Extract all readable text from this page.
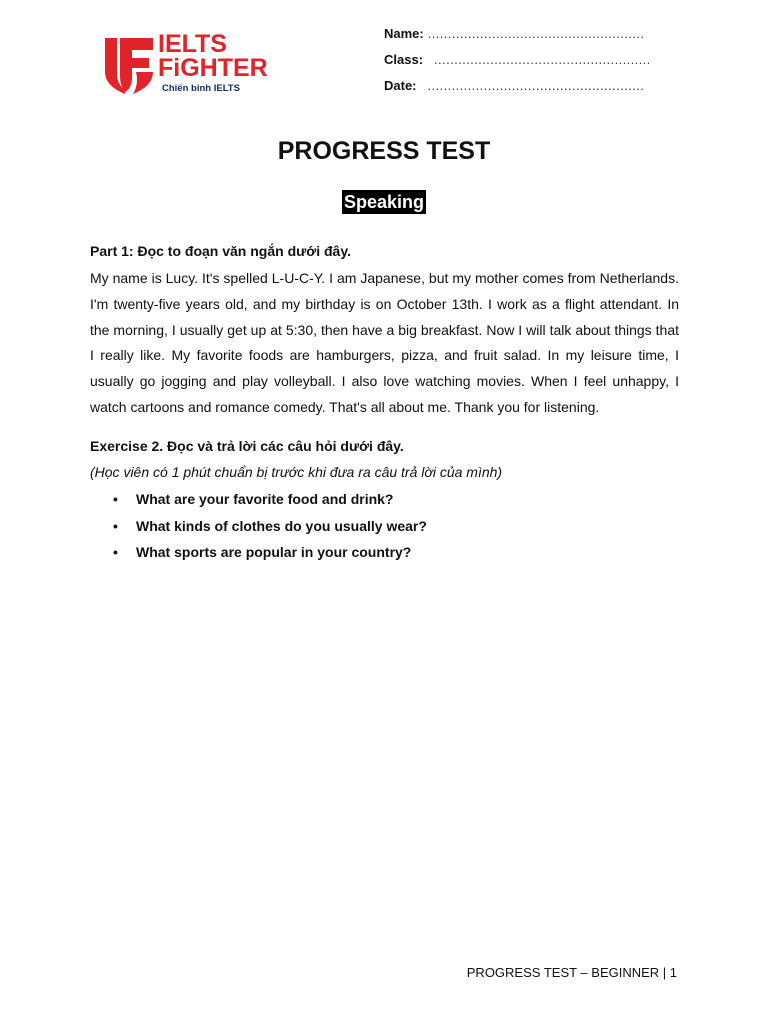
IELTS
FiGHTER
Chiến binh IELTS
Name: ......................................................
Class: ......................................................
Date: ......................................................
PROGRESS TEST
Speaking
Part 1: Đọc to đoạn văn ngắn dưới đây.
My name is Lucy. It's spelled L-U-C-Y. I am Japanese, but my mother comes from Netherlands. I'm twenty-five years old, and my birthday is on October 13th. I work as a flight attendant. In the morning, I usually get up at 5:30, then have a big breakfast. Now I will talk about things that I really like. My favorite foods are hamburgers, pizza, and fruit salad. In my leisure time, I usually go jogging and play volleyball. I also love watching movies. When I feel unhappy, I watch cartoons and romance comedy. That's all about me. Thank you for listening.
Exercise 2. Đọc và trả lời các câu hỏi dưới đây.
(Học viên có 1 phút chuẩn bị trước khi đưa ra câu trả lời của mình)
• What are your favorite food and drink?
• What kinds of clothes do you usually wear?
• What sports are popular in your country?
PROGRESS TEST – BEGINNER | 1
